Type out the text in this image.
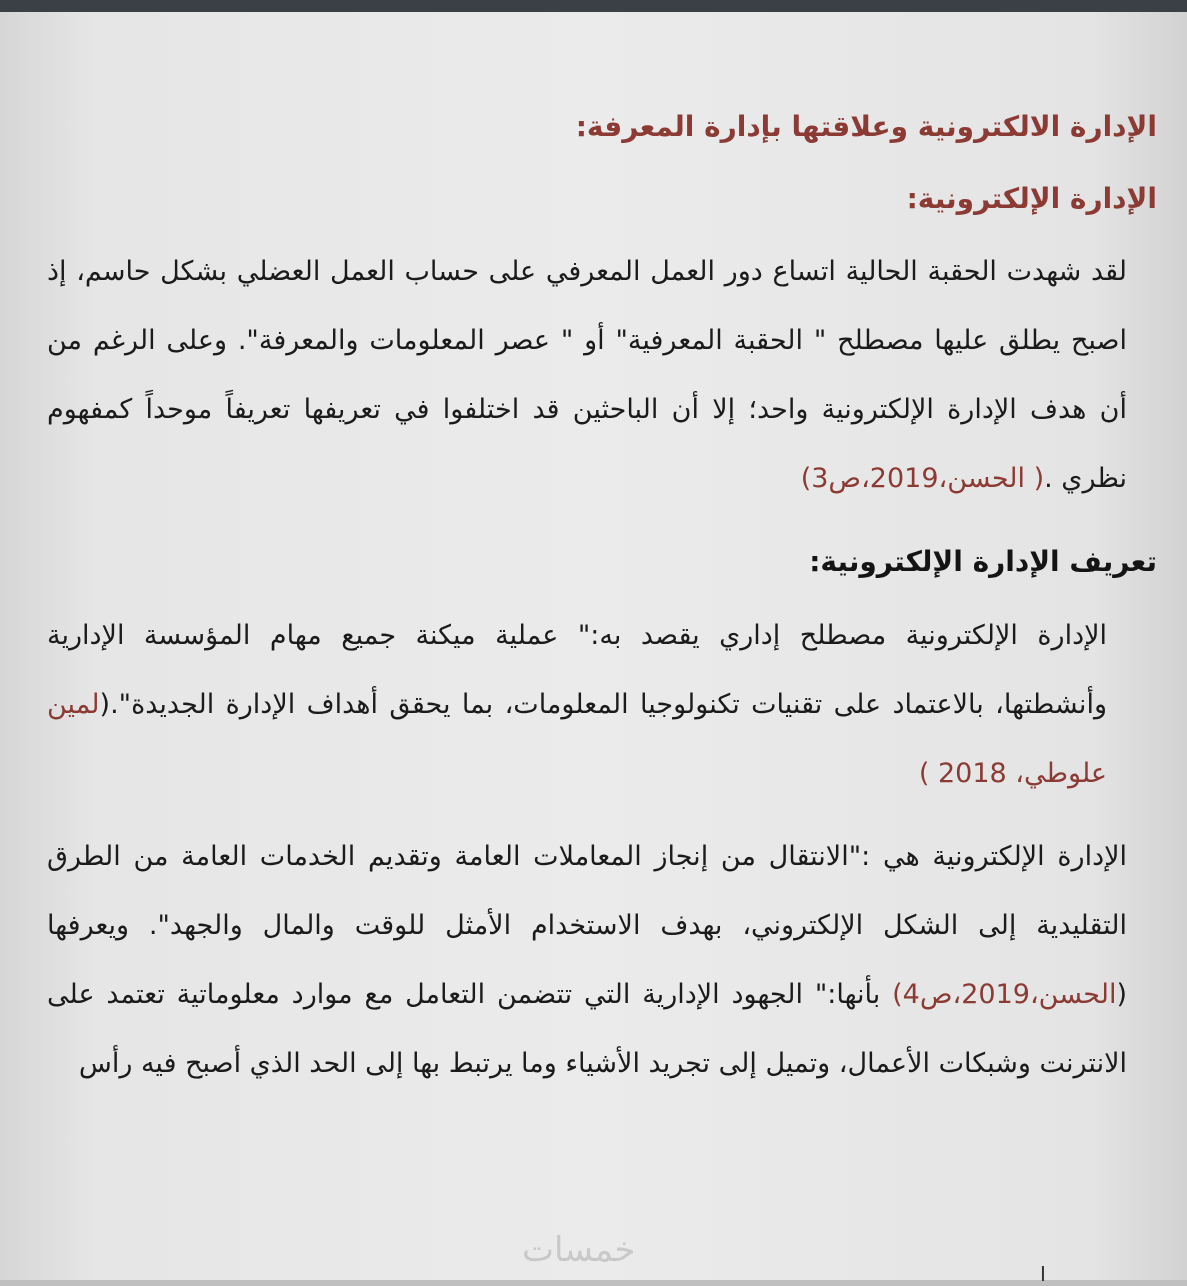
الإدارة الالكترونية وعلاقتها بإدارة المعرفة:
الإدارة الإلكترونية:

لقد شهدت الحقبة الحالية اتساع دور العمل المعرفي على حساب العمل العضلي بشكل حاسم، إذ اصبح يطلق عليها مصطلح " الحقبة المعرفية" أو " عصر المعلومات والمعرفة". وعلى الرغم من أن هدف الإدارة الإلكترونية واحد؛ إلا أن الباحثين قد اختلفوا في تعريفها تعريفاً موحداً كمفهوم نظري .( الحسن،2019،ص3)

تعريف الإدارة الإلكترونية:

الإدارة الإلكترونية مصطلح إداري يقصد به:" عملية ميكنة جميع مهام المؤسسة الإدارية وأنشطتها، بالاعتماد على تقنيات تكنولوجيا المعلومات، بما يحقق أهداف الإدارة الجديدة".(لمين علوطي، 2018 )

الإدارة الإلكترونية هي :"الانتقال من إنجاز المعاملات العامة وتقديم الخدمات العامة من الطرق التقليدية إلى الشكل الإلكتروني، بهدف الاستخدام الأمثل للوقت والمال والجهد". ويعرفها (الحسن،2019،ص4) بأنها:" الجهود الإدارية التي تتضمن التعامل مع موارد معلوماتية تعتمد على الانترنت وشبكات الأعمال، وتميل إلى تجريد الأشياء وما يرتبط بها إلى الحد الذي أصبح فيه رأس

خمسات
I
